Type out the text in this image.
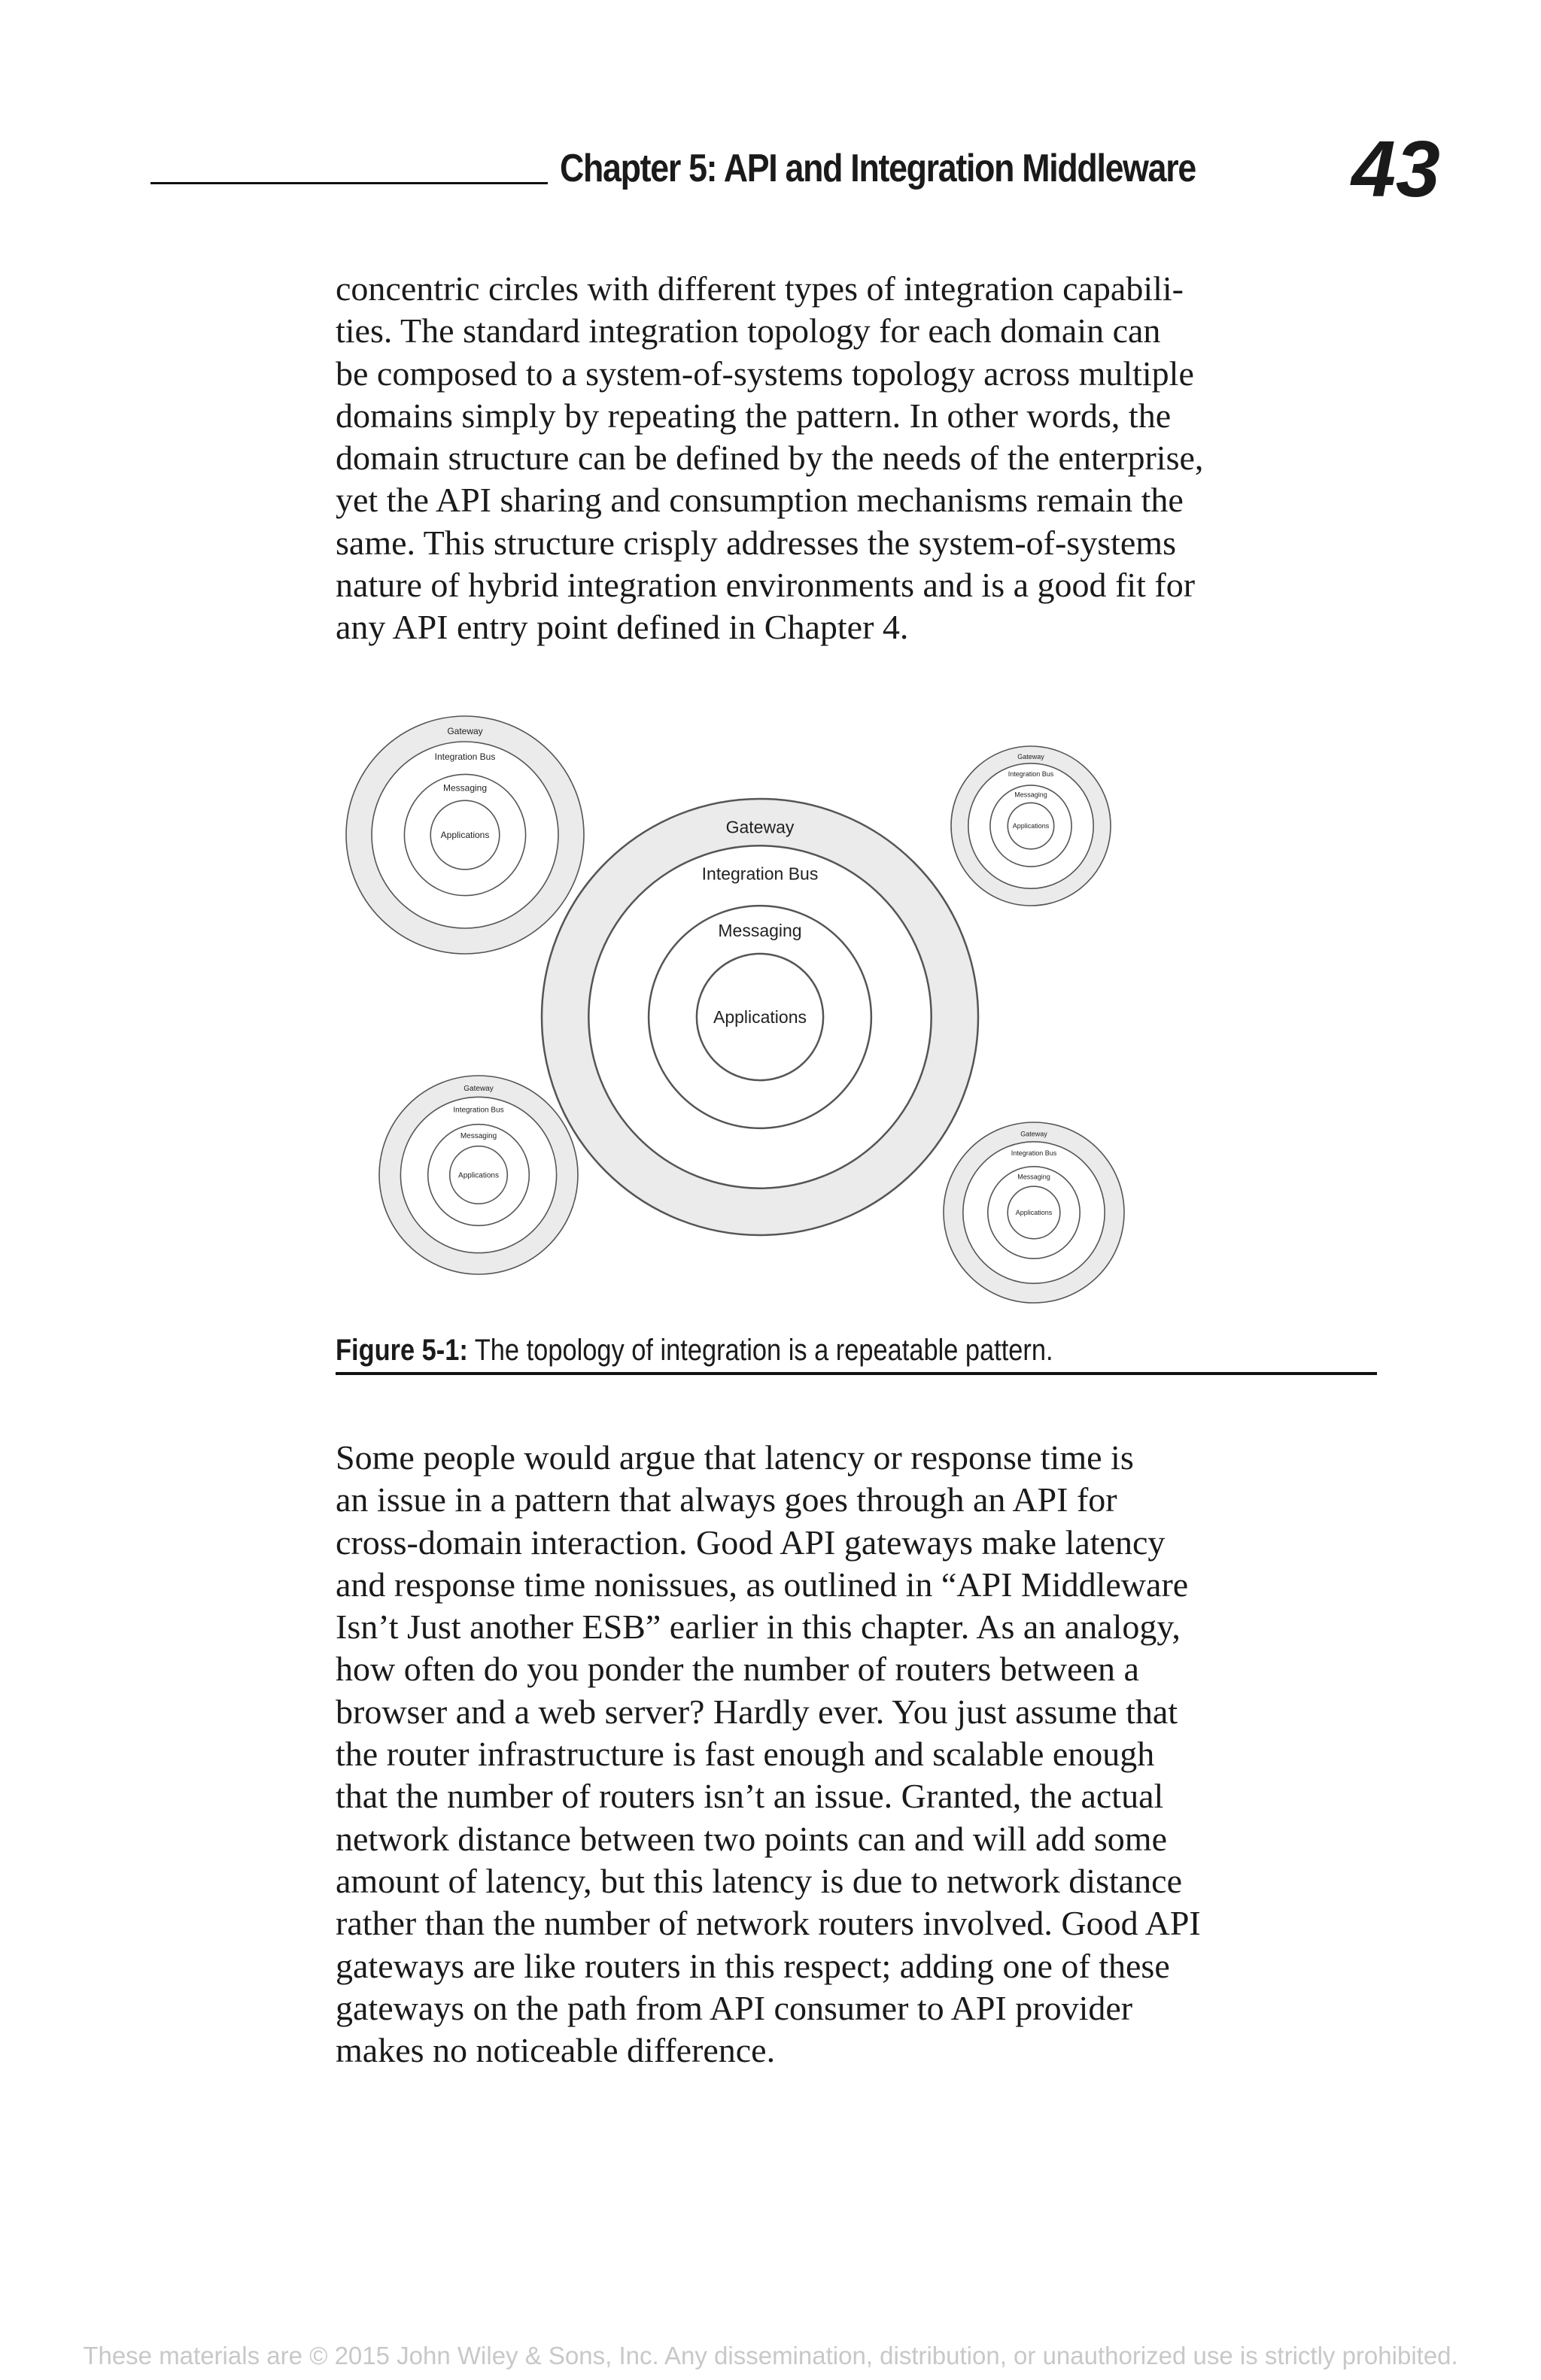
Chapter 5: API and Integration Middleware 43
concentric circles with different types of integration capabili-
ties. The standard integration topology for each domain can
be composed to a system-of-systems topology across multiple
domains simply by repeating the pattern. In other words, the
domain structure can be defined by the needs of the enterprise,
yet the API sharing and consumption mechanisms remain the
same. This structure crisply addresses the system-of-systems
nature of hybrid integration environments and is a good fit for
any API entry point defined in Chapter 4.
Gateway
Integration Bus
Messaging
Applications
Gateway
Integration Bus
Messaging
Applications
Gateway
Integration Bus
Messaging
Applications
Gateway
Integration Bus
Messaging
Applications
Gateway
Integration Bus
Messaging
Applications
Figure 5-1: The topology of integration is a repeatable pattern.
Some people would argue that latency or response time is
an issue in a pattern that always goes through an API for
cross-domain interaction. Good API gateways make latency
and response time nonissues, as outlined in “API Middleware
Isn’t Just another ESB” earlier in this chapter. As an analogy,
how often do you ponder the number of routers between a
browser and a web server? Hardly ever. You just assume that
the router infrastructure is fast enough and scalable enough
that the number of routers isn’t an issue. Granted, the actual
network distance between two points can and will add some
amount of latency, but this latency is due to network distance
rather than the number of network routers involved. Good API
gateways are like routers in this respect; adding one of these
gateways on the path from API consumer to API provider
makes no noticeable difference.
These materials are © 2015 John Wiley & Sons, Inc. Any dissemination, distribution, or unauthorized use is strictly prohibited.
